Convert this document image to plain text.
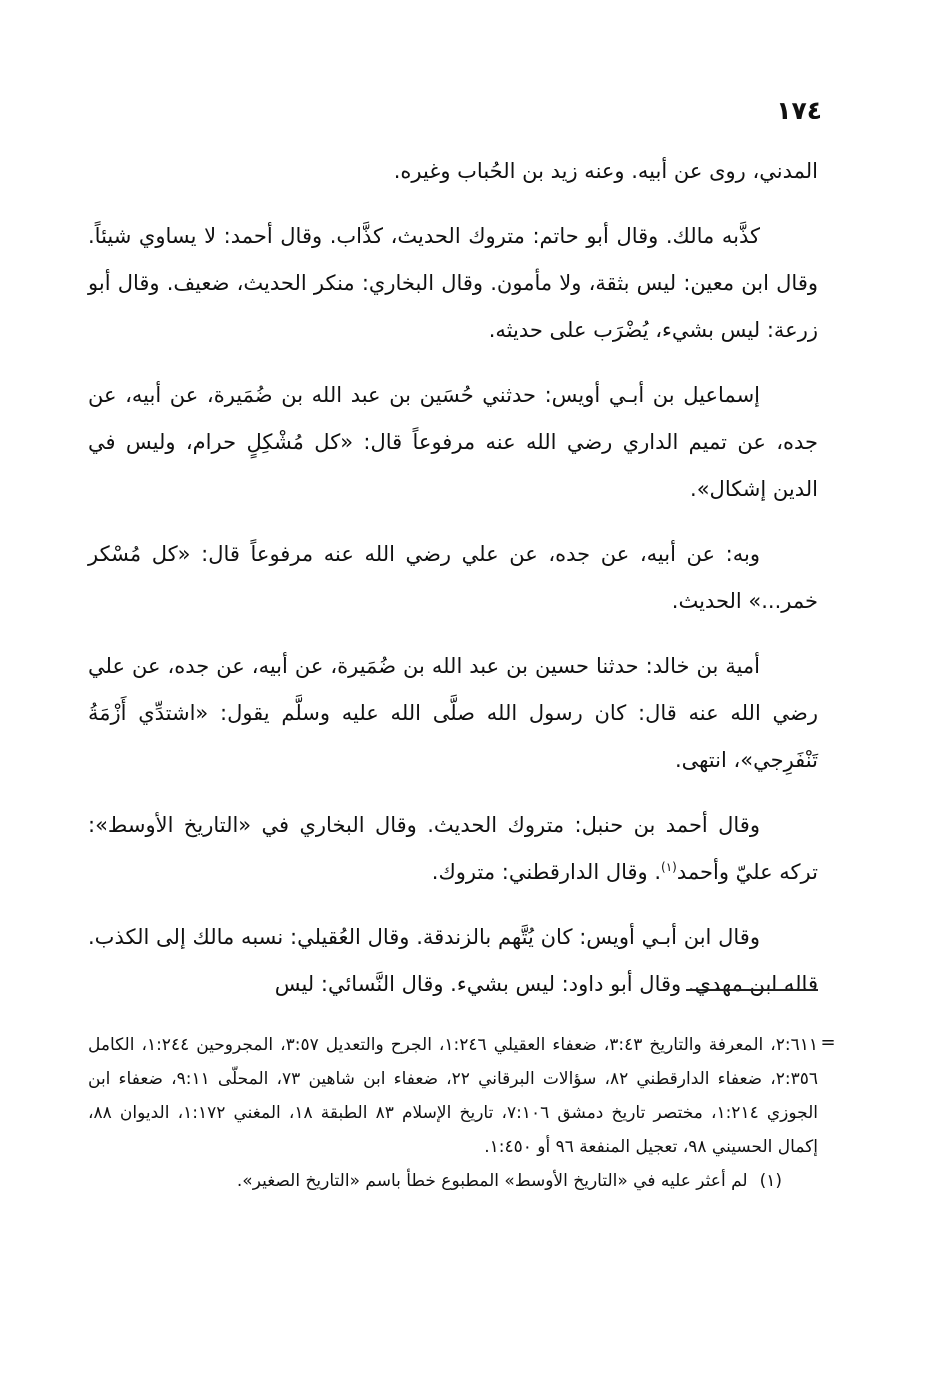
١٧٤

المدني، روى عن أبيه. وعنه زيد بن الحُباب وغيره.

كذَّبه مالك. وقال أبو حاتم: متروك الحديث، كذَّاب. وقال أحمد: لا يساوي شيئاً. وقال ابن معين: ليس بثقة، ولا مأمون. وقال البخاري: منكر الحديث، ضعيف. وقال أبو زرعة: ليس بشيء، يُضْرَب على حديثه.

إسماعيل بن أبـي أويس: حدثني حُسَين بن عبد الله بن ضُمَيرة، عن أبيه، عن جده، عن تميم الداري رضي الله عنه مرفوعاً قال: «كل مُشْكِلٍ حرام، وليس في الدين إشكال».

وبه: عن أبيه، عن جده، عن علي رضي الله عنه مرفوعاً قال: «كل مُسْكر خمر...» الحديث.

أمية بن خالد: حدثنا حسين بن عبد الله بن ضُمَيرة، عن أبيه، عن جده، عن علي رضي الله عنه قال: كان رسول الله صلَّى الله عليه وسلَّم يقول: «اشتدِّي أَزْمَةُ تَنْفَرِجي»، انتهى.

وقال أحمد بن حنبل: متروك الحديث. وقال البخاري في «التاريخ الأوسط»: تركه عليّ وأحمد$^{(١)}$. وقال الدارقطني: متروك.

وقال ابن أبـي أويس: كان يُتَّهم بالزندقة. وقال العُقيلي: نسبه مالك إلى الكذب. قاله ابن مهدي. وقال أبو داود: ليس بشيء. وقال النَّسائي: ليس

=

٢:٦١١، المعرفة والتاريخ ٣:٤٣، ضعفاء العقيلي ١:٢٤٦، الجرح والتعديل ٣:٥٧، المجروحين ١:٢٤٤، الكامل ٢:٣٥٦، ضعفاء الدارقطني ٨٢، سؤالات البرقاني ٢٢، ضعفاء ابن شاهين ٧٣، المحلّى ٩:١١، ضعفاء ابن الجوزي ١:٢١٤، مختصر تاريخ دمشق ٧:١٠٦، تاريخ الإسلام ٨٣ الطبقة ١٨، المغني ١:١٧٢، الديوان ٨٨، إكمال الحسيني ٩٨، تعجيل المنفعة ٩٦ أو ١:٤٥٠.

(١)لم أعثر عليه في «التاريخ الأوسط» المطبوع خطأ باسم «التاريخ الصغير».
